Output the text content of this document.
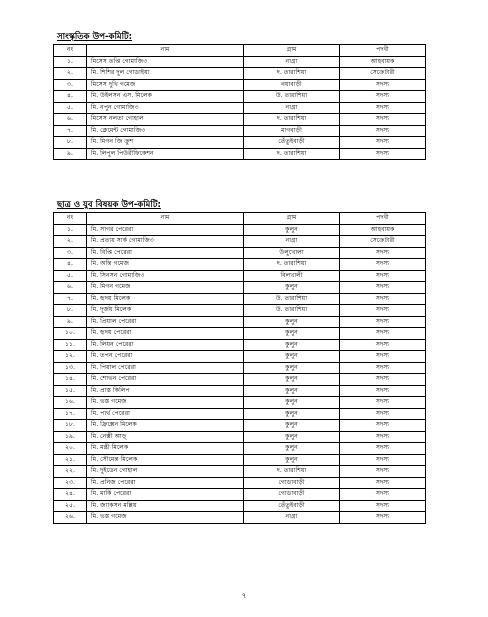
সাংস্কৃতিক উপ-কমিটি:
নং	নাম	গ্রাম	পদবী
১.	মিসেস তপ্তি গোমাজি৩	নাগ্রা	আহবায়ক
২.	মি. শিশির দুল গোডাইয়া	দ. তারাশিয়া	সেক্রেটারী
৩.	মিসেস দুখি গমেজ	নয়াবাড়ী	সদস্য
৪.	মি. উইলসন এস. মিলেক	উ. তারাশিয়া	সদস্য
৫.	মি. নপুন গোমাজি৩	নাগ্রা	সদস্য
৬.	মিসেস নলতা গোহাল	দ. তারাশিয়া	সদস্য
৭.	মি. ক্লেমেন্ট গোমাজি৩	মাগবাড়ী	সদস্য
৮.	মি. মিগন জি ক্রুশ	তেঁতুইবাড়ী	সদস্য
৯.	মি. লিপুল পিউরীফিকেশন	দ. তারাশিয়া	সদস্য
ছাত্র ও যুব বিষয়ক উপ-কমিটি:
নং	নাম	গ্রাম	পদবী
১.	মি. সাগর পেরেরা	কুলুন	আহবায়ক
২.	মি. প্রত্যয় সার্ক গোমাজি৩	নাগ্রা	সেক্রেটারী
৩.	মি. বিপ্তি পেরেরা	উলুখোলা	সদস্য
৪.	মি. অন্তি গমেজ	দ. তারাশিয়া	সদস্য
৫.	মি. সিনসন গোমাজি৩	বিলখালী	সদস্য
৬.	মি. মিগন গমেজ	কুলুন	সদস্য
৭.	মি. হৃদয় মিলেক	উ. তারাশিয়া	সদস্য
৮.	মি. দূর্জয় মিলেক	উ. তারাশিয়া	সদস্য
৯.	মি. প্রিয়াল পেরেরা	কুলুন	সদস্য
১০.	মি. হৃদয় পেরেরা	কুলুন	সদস্য
১১.	মি. লিয়ন পেরেরা	কুলুন	সদস্য
১২.	মি. তপন পেরেরা	কুলুন	সদস্য
১৩.	মি. পিয়াল পেরেরা	কুলুন	সদস্য
১৪.	মি. শোভন পেরেরা	কুলুন	সদস্য
১৫.	মি. প্রাস্ত কিলিপ	কুলুন	সদস্য
১৬.	মি. ভস্ত গমেজ	কুলুন	সদস্য
১৭.	মি. পার্থ পেরেরা	কুলুন	সদস্য
১৮.	মি. ফ্রিক্সেন মিলেক	কুলুন	সদস্য
১৯.	মি. নেক্সী আড়্‌	কুলুন	সদস্য
২০.	মি. মন্ত্রী মিলেক	কুলুন	সদস্য
২১.	মি. সৌমেন্ত মিলেক	কুলুন	সদস্য
২২.	মি. দুইডেন গোহাল	দ. তারাশিয়া	সদস্য
২৩.	মি. প্রনিজ পেরেরা	গোডাবাড়ী	সদস্য
২৪.	মি. মার্কি পেরেরা	গোডাবাড়ী	সদস্য
২৫.	মি. জ্যাকসন মল্লিয়	তেঁতুইবাড়ী	সদস্য
২৬.	মি. ভস্ত গমেজ	নাগ্রা	সদস্য
৭
